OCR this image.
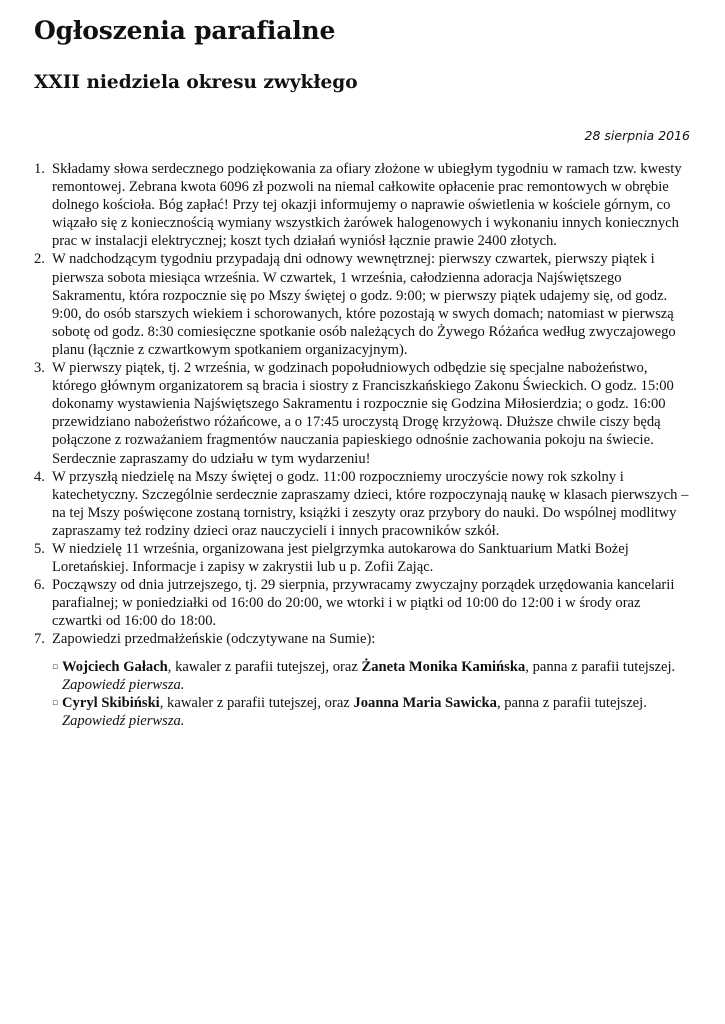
Ogłoszenia parafialne
XXII niedziela okresu zwykłego

28 sierpnia 2016

1. Składamy słowa serdecznego podziękowania za ofiary złożone w ubiegłym tygodniu w ramach tzw. kwesty remontowej. Zebrana kwota 6096 zł pozwoli na niemal całkowite opłacenie prac remontowych w obrębie dolnego kościoła. Bóg zapłać! Przy tej okazji informujemy o naprawie oświetlenia w kościele górnym, co wiązało się z koniecznością wymiany wszystkich żarówek halogenowych i wykonaniu innych koniecznych prac w instalacji elektrycznej; koszt tych działań wyniósł łącznie prawie 2400 złotych.
2. W nadchodzącym tygodniu przypadają dni odnowy wewnętrznej: pierwszy czwartek, pierwszy piątek i pierwsza sobota miesiąca września. W czwartek, 1 września, całodzienna adoracja Najświętszego Sakramentu, która rozpocznie się po Mszy świętej o godz. 9:00; w pierwszy piątek udajemy się, od godz. 9:00, do osób starszych wiekiem i schorowanych, które pozostają w swych domach; natomiast w pierwszą sobotę od godz. 8:30 comiesięczne spotkanie osób należących do Żywego Różańca według zwyczajowego planu (łącznie z czwartkowym spotkaniem organizacyjnym).
3. W pierwszy piątek, tj. 2 września, w godzinach popołudniowych odbędzie się specjalne nabożeństwo, którego głównym organizatorem są bracia i siostry z Franciszkańskiego Zakonu Świeckich. O godz. 15:00 dokonamy wystawienia Najświętszego Sakramentu i rozpocznie się Godzina Miłosierdzia; o godz. 16:00 przewidziano nabożeństwo różańcowe, a o 17:45 uroczystą Drogę krzyżową. Dłuższe chwile ciszy będą połączone z rozważaniem fragmentów nauczania papieskiego odnośnie zachowania pokoju na świecie. Serdecznie zapraszamy do udziału w tym wydarzeniu!
4. W przyszłą niedzielę na Mszy świętej o godz. 11:00 rozpoczniemy uroczyście nowy rok szkolny i katechetyczny. Szczególnie serdecznie zapraszamy dzieci, które rozpoczynają naukę w klasach pierwszych – na tej Mszy poświęcone zostaną tornistry, książki i zeszyty oraz przybory do nauki. Do wspólnej modlitwy zapraszamy też rodziny dzieci oraz nauczycieli i innych pracowników szkół.
5. W niedzielę 11 września, organizowana jest pielgrzymka autokarowa do Sanktuarium Matki Bożej Loretańskiej. Informacje i zapisy w zakrystii lub u p. Zofii Zając.
6. Począwszy od dnia jutrzejszego, tj. 29 sierpnia, przywracamy zwyczajny porządek urzędowania kancelarii parafialnej; w poniedziałki od 16:00 do 20:00, we wtorki i w piątki od 10:00 do 12:00 i w środy oraz czwartki od 16:00 do 18:00.
7. Zapowiedzi przedmałżeńskie (odczytywane na Sumie):
▫ Wojciech Gałach, kawaler z parafii tutejszej, oraz Żaneta Monika Kamińska, panna z parafii tutejszej. Zapowiedź pierwsza.
▫ Cyryl Skibiński, kawaler z parafii tutejszej, oraz Joanna Maria Sawicka, panna z parafii tutejszej. Zapowiedź pierwsza.
